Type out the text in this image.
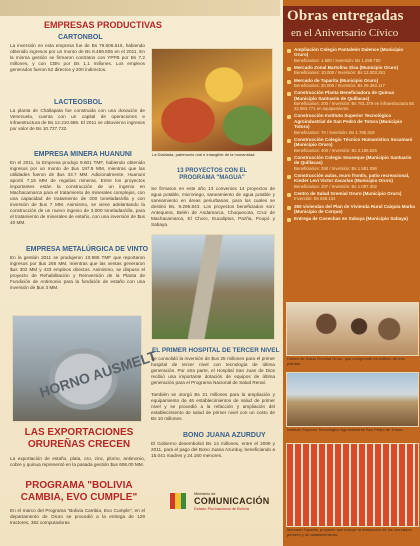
EMPRESAS PRODUCTIVAS
CARTONBOL
La inversión en esta empresa fue de Bs 79.506.616, habiendo obtenido ingresos por un monto de Bs 8.489.505 en el 2011. En la misma gestión se firmaron contratos con YPFB por Bs 7,2 millones, y con CBN por Bs 1,1 millones. Los empleos generados fueron 62 directos y 200 indirectos.
LACTEOSBOL
La planta de Challapata fue construida con una donación de Venezuela, cuenta con un capital de operaciones e infraestructura de Bs 12.210.586. El 2011 se obtuvieron ingresos por valor de Bs 10.727.722.
EMPRESA MINERA HUANUNI
En el 2011, la Empresa produjo 9.601 TMF, habiendo obtenido ingresos por un monto de $us 197.9 MM, mientras que las utilidades fueron de $us 33.7 MM. Adicionalmente, Huanuni aportó 7,15 MM de regalías mineras. Entre los proyectos importantes están la construcción de un ingenio en Machacamarca para el tratamiento de minerales complejos, con una capacidad de tratamiento de 200 toneladas/día y con inversión de $us 7 MM. Asimismo, se viene adelantando la construcción de un nuevo ingenio de 3.000 toneladas/día, para el tratamiento de minerales de estaño, con una inversión de $us 40 MM.
EMPRESA METALÚRGICA DE VINTO
En la gestión 2011 se produjeron 10.985 TMF que reportaron ingresos por $us 266 MM, mientras que las ventas generaron $us 302 MM y 433 empleos directos. Asimismo, se dispuso el proyecto de Rehabilitación y Reinversión de la Planta de Fundición de Antimonio para la fundición de estaño con una inversión de $us 3 MM.
HORNO AUSMELT
LAS EXPORTACIONES ORUREÑAS CRECEN
La exportación de estaño, plata, oro, zinc, plomo, antimonio, cobre y quinua representó en la pasada gestión $us 606.00 MM.
PROGRAMA "BOLIVIA CAMBIA, EVO CUMPLE"
En el marco del Programa "Bolivia Cambia, Evo Cumple", en el departamento de Oruro se procedió a la entrega de 129 tractores, 362 computadoras
La Diablada, patrimonio oral e intangible de la humanidad.
13 PROYECTOS CON EL PROGRAMA "MAGUA"
Se firmaron en este año 13 convenios 14 proyectos de agua potable, microriego, saneamiento de agua potable y saneamiento en áreas periurbanas, para los cuales se destinó Bs. 9.295.843. Los proyectos beneficiados son: Antequera, Belén de Andamarca, Choquecota, Cruz de Machacamarca, El Choro, Eucaliptus, Pazña, Poopó y Sabaya.
EL PRIMER HOSPITAL DE TERCER NIVEL
Se consolidó la inversión de $us 25 millones para el primer hospital de tercer nivel con tecnología de última generación. Por otra parte, el Hospital San Juan de Dios recibió una importante dotación de equipos de última generación para el Programa Nacional de Salud Renal.
También se otorgó Bs 21 millones para la ampliación y equipamiento de 46 establecimientos de salud de primer nivel y se procedió a la refacción y ampliación del establecimiento de salud de primer nivel con un costo de Bs 10 millones.
BONO JUANA AZURDUY
El Gobierno desembolsó Bs 14 millones, entre el 2009 y 2011, para el pago del Bono Juana Azurduy, beneficiando a 15.041 madres y 24.160 menores.
Ministerio de
COMUNICACIÓN
Estado Plurinacional de Bolivia
Obras entregadas
en el Aniversario Cívico
Ampliación Colegio Pantaleón Dalence (Municipio Oruro)
Beneficiarios: 1.600 / Inversión: Bs 1.288.750
Mercado Zonal Bartolina Sisa (Municipio Oruro)
Beneficiarios: 10.000 / Inversión: Bs 12.003.251
Mercado de Taparita (Municipio Oruro)
Beneficiarios: 30.000 / Inversión: Bs 29.363.117
Construcción Planta Beneficiadora de Quinua (Municipio Santuario de Quillacas)
Beneficiarios: 200 / Inversión: Bs 701.379 en infraestructura Bs 22.983.771 en equipamiento
Construcción Instituto Superior Tecnológico Agroindustrial de San Pedro de Totora (Municipio Totora)
Beneficiarios: 70 / Inversión: Bs 1.785.319
Construcción Colegio Técnico Humanístico Socamani (Municipio Oruro)
Beneficiarios: 400 / Inversión: Bs 2.185.545
Construcción Colegio Seuseque (Municipio Santuario de Quillacas)
Beneficiarios: 290 / Inversión: Bs 1.581.096
Construcción aulas, muro frontis, patio recreacional, Kinder Levi Victor Zacarías (Municipio Oruro)
Beneficiarios: 337 / Inversión: Bs 1.097.302
Centro de Salud Gremial Oruro (Municipio Oruro)
Inversión: Bs 948.124
350 viviendas del Plan de Vivienda Rural Caiquia Marka (Municipio de Corque)
Entrega de Cosechas en Sabaya (Municipio Sabaya)
Centro de Salud Gremial Oruro, que comprende en edificio de tres plantas.
Instituto Superior Tecnológico Agroindustrial San Pedro de Totora.
Mercado Taparita, proyecto que incluye la instalación de los mercados primero y de abastecimiento.
